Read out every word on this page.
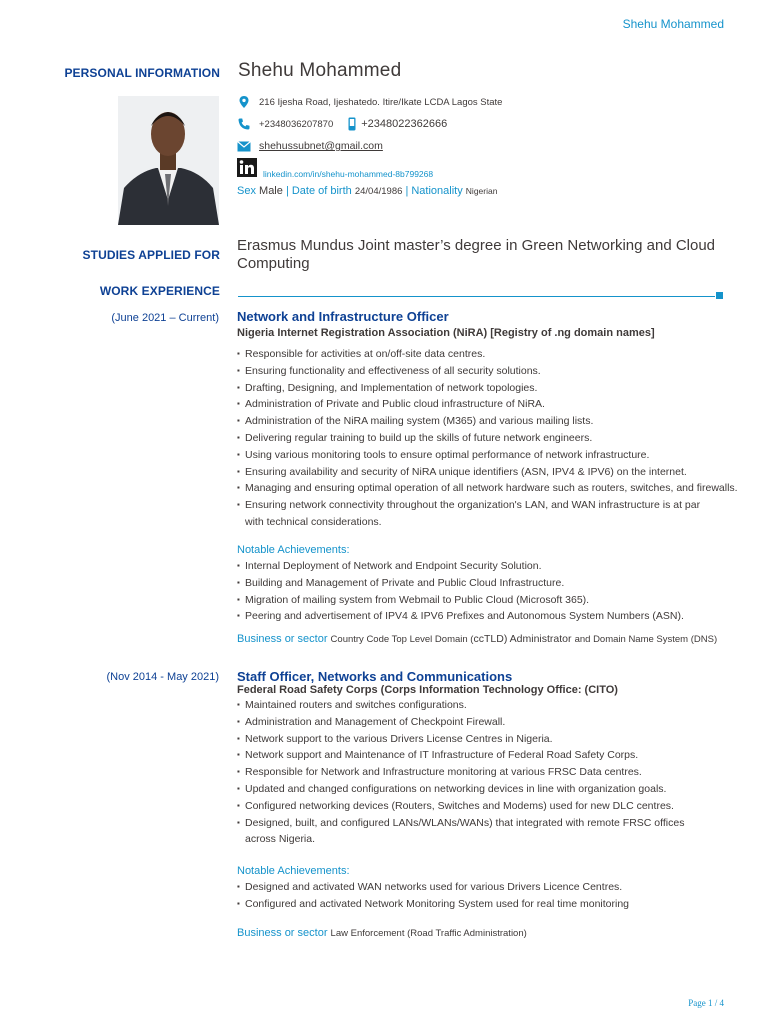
Shehu Mohammed
PERSONAL INFORMATION Shehu Mohammed
216 Ijesha Road, Ijeshatedo. Itire/Ikate LCDA Lagos State
+2348036207870	+2348022362666
shehussubnet@gmail.com
linkedin.com/in/shehu-mohammed-8b799268
Sex Male | Date of birth 24/04/1986 | Nationality Nigerian
STUDIES APPLIED FOR
Erasmus Mundus Joint master’s degree in Green Networking and Cloud Computing
WORK EXPERIENCE
(June 2021 – Current) Network and Infrastructure Officer
Nigeria Internet Registration Association (NiRA) [Registry of .ng domain names]
▪ Responsible for activities at on/off-site data centres.
▪ Ensuring functionality and effectiveness of all security solutions.
▪ Drafting, Designing, and Implementation of network topologies.
▪ Administration of Private and Public cloud infrastructure of NiRA.
▪ Administration of the NiRA mailing system (M365) and various mailing lists.
▪ Delivering regular training to build up the skills of future network engineers.
▪ Using various monitoring tools to ensure optimal performance of network infrastructure.
▪ Ensuring availability and security of NiRA unique identifiers (ASN, IPV4 & IPV6) on the internet.
▪ Managing and ensuring optimal operation of all network hardware such as routers, switches, and firewalls.
▪ Ensuring network connectivity throughout the organization's LAN, and WAN infrastructure is at par with technical considerations.
Notable Achievements:
▪ Internal Deployment of Network and Endpoint Security Solution.
▪ Building and Management of Private and Public Cloud Infrastructure.
▪ Migration of mailing system from Webmail to Public Cloud (Microsoft 365).
▪ Peering and advertisement of IPV4 & IPV6 Prefixes and Autonomous System Numbers (ASN).
Business or sector Country Code Top Level Domain (ccTLD) Administrator and Domain Name System (DNS)
(Nov 2014 - May 2021) Staff Officer, Networks and Communications
Federal Road Safety Corps (Corps Information Technology Office: (CITO)
▪ Maintained routers and switches configurations.
▪ Administration and Management of Checkpoint Firewall.
▪ Network support to the various Drivers License Centres in Nigeria.
▪ Network support and Maintenance of IT Infrastructure of Federal Road Safety Corps.
▪ Responsible for Network and Infrastructure monitoring at various FRSC Data centres.
▪ Updated and changed configurations on networking devices in line with organization goals.
▪ Configured networking devices (Routers, Switches and Modems) used for new DLC centres.
▪ Designed, built, and configured LANs/WLANs/WANs) that integrated with remote FRSC offices across Nigeria.
Notable Achievements:
▪ Designed and activated WAN networks used for various Drivers Licence Centres.
▪ Configured and activated Network Monitoring System used for real time monitoring
Business or sector Law Enforcement (Road Traffic Administration)
Page 1 / 4
